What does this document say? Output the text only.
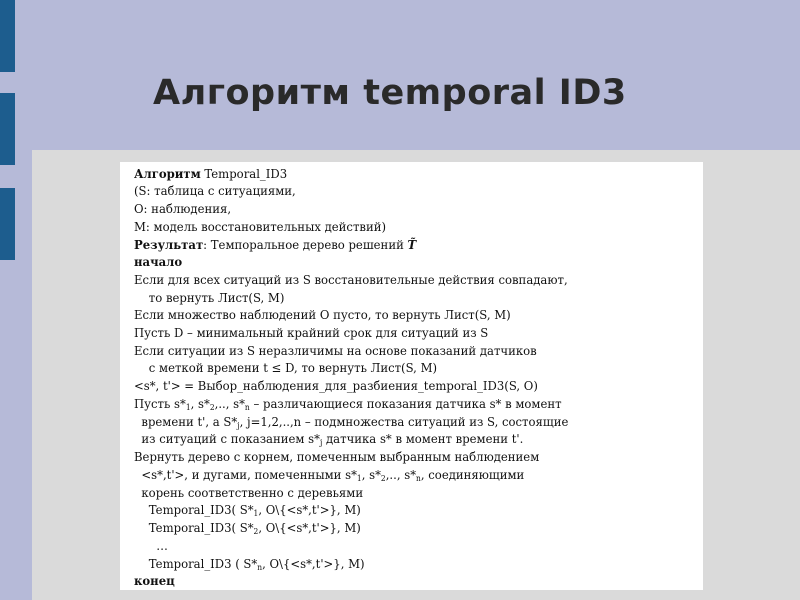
Алгоритм temporal ID3
Алгоритм Temporal_ID3
(S: таблица с ситуациями,
O: наблюдения,
M: модель восстановительных действий)
Результат: Темпоральное дерево решений T̃
начало
Если для всех ситуаций из S восстановительные действия совпадают,
то вернуть Лист(S, M)
Если множество наблюдений O пусто, то вернуть Лист(S, M)
Пусть D – минимальный крайний срок для ситуаций из S
Если ситуации из S неразличимы на основе показаний датчиков
с меткой времени t ≤ D, то вернуть Лист(S, M)
<s*, t'> = Выбор_наблюдения_для_разбиения_temporal_ID3(S, O)
Пусть $s*_1$, $s*_2$,.., $s*_n$ – различающиеся показания датчика s* в момент
времени t', а $S*_j$, j=1,2,..,n – подмножества ситуаций из S, состоящие
из ситуаций с показанием $s*_j$ датчика s* в момент времени t'.
Вернуть дерево с корнем, помеченным выбранным наблюдением
<s*,t'>, и дугами, помеченными $s*_1$, $s*_2$,.., $s*_n$, соединяющими
корень соответственно с деревьями
Temporal_ID3( $S*_1$, O\{<s*,t'>}, M)
Temporal_ID3( $S*_2$, O\{<s*,t'>}, M)
…
Temporal_ID3 ( $S*_n$, O\{<s*,t'>}, M)
конец
